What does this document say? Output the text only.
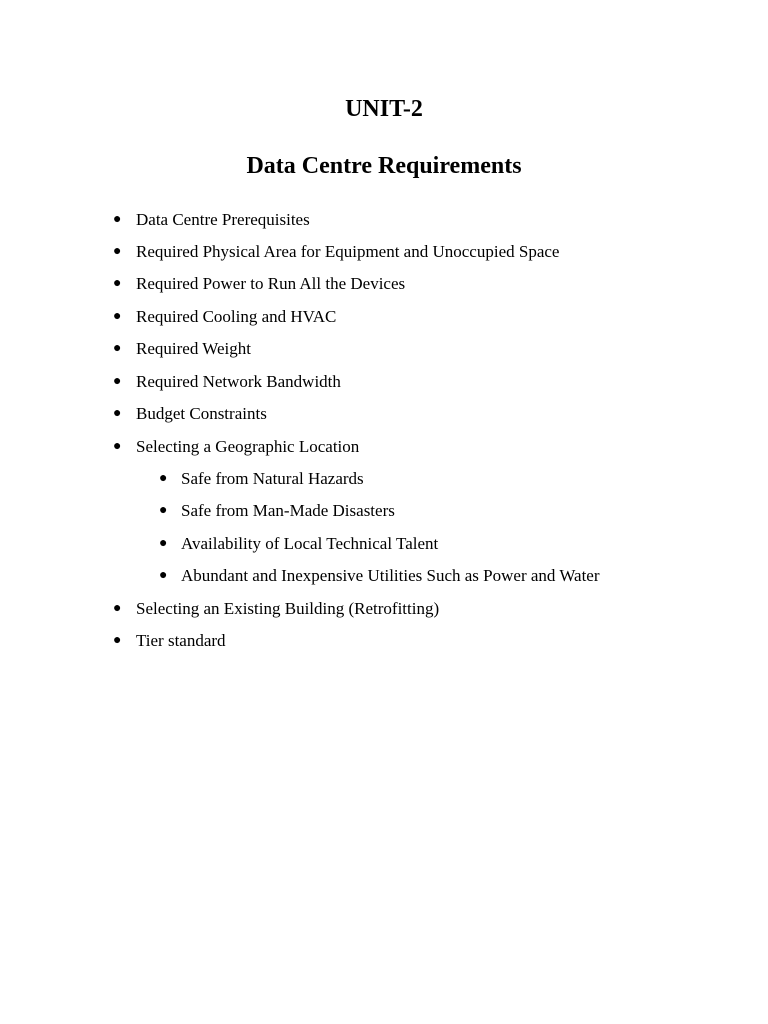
UNIT-2
Data Centre Requirements
● Data Centre Prerequisites
● Required Physical Area for Equipment and Unoccupied Space
● Required Power to Run All the Devices
● Required Cooling and HVAC
● Required Weight
● Required Network Bandwidth
● Budget Constraints
● Selecting a Geographic Location
● Safe from Natural Hazards
● Safe from Man-Made Disasters
● Availability of Local Technical Talent
● Abundant and Inexpensive Utilities Such as Power and Water
● Selecting an Existing Building (Retrofitting)
● Tier standard
